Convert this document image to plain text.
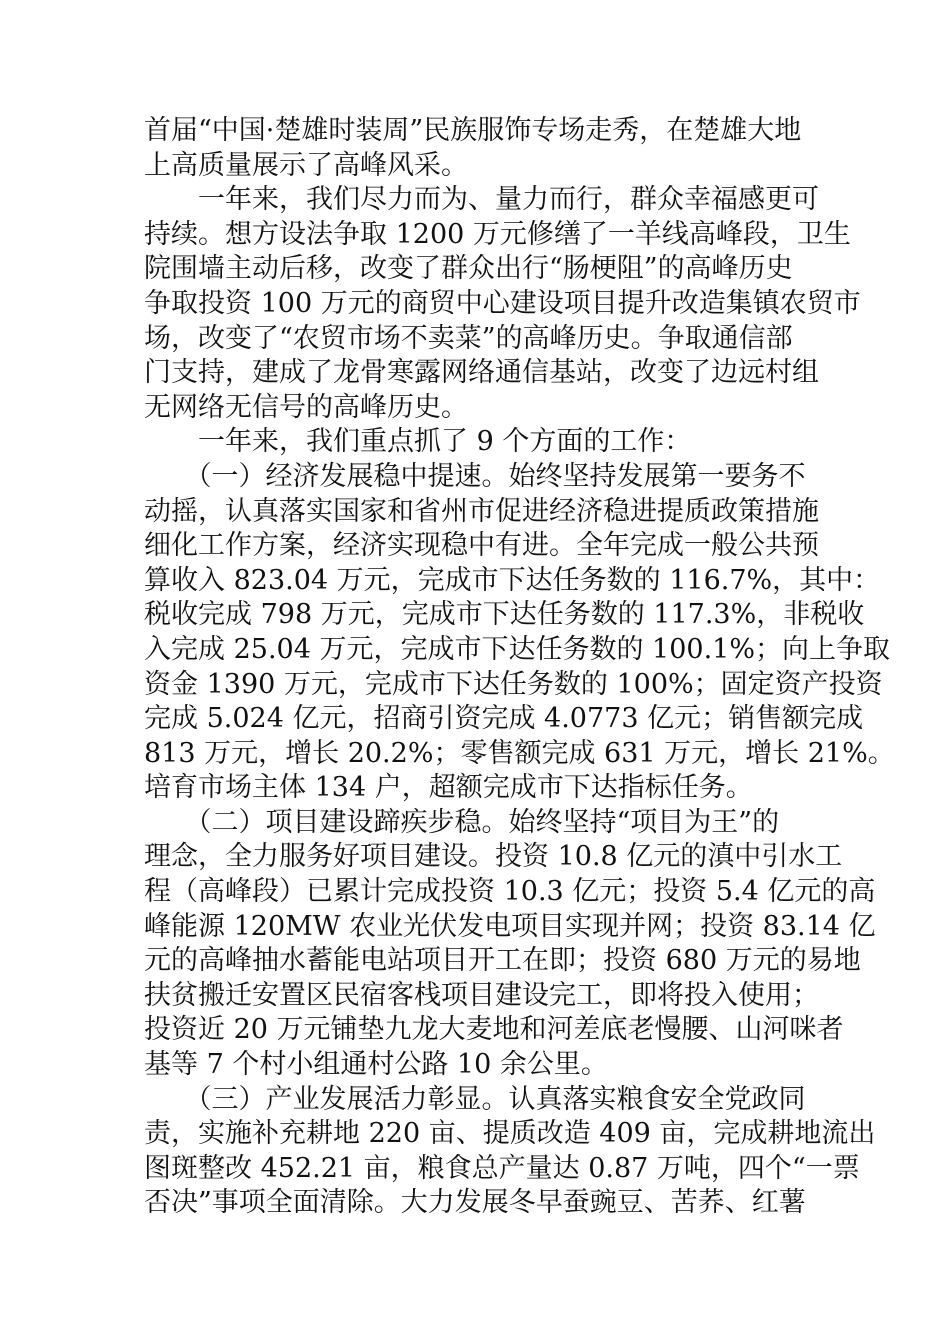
首届“中国·楚雄时装周”民族服饰专场走秀，在楚雄大地
上高质量展示了高峰风采。
　　一年来，我们尽力而为、量力而行，群众幸福感更可
持续。想方设法争取 1200 万元修缮了一羊线高峰段，卫生
院围墙主动后移，改变了群众出行“肠梗阻”的高峰历史
争取投资 100 万元的商贸中心建设项目提升改造集镇农贸市
场，改变了“农贸市场不卖菜”的高峰历史。争取通信部
门支持，建成了龙骨寒露网络通信基站，改变了边远村组
无网络无信号的高峰历史。
　　一年来，我们重点抓了 9 个方面的工作：
　　（一）经济发展稳中提速。始终坚持发展第一要务不
动摇，认真落实国家和省州市促进经济稳进提质政策措施
细化工作方案，经济实现稳中有进。全年完成一般公共预
算收入 823.04 万元，完成市下达任务数的 116.7%，其中：
税收完成 798 万元，完成市下达任务数的 117.3%，非税收
入完成 25.04 万元，完成市下达任务数的 100.1%；向上争取
资金 1390 万元，完成市下达任务数的 100%；固定资产投资
完成 5.024 亿元，招商引资完成 4.0773 亿元；销售额完成
813 万元，增长 20.2%；零售额完成 631 万元，增长 21%。
培育市场主体 134 户，超额完成市下达指标任务。
　　（二）项目建设蹄疾步稳。始终坚持“项目为王”的
理念，全力服务好项目建设。投资 10.8 亿元的滇中引水工
程（高峰段）已累计完成投资 10.3 亿元；投资 5.4 亿元的高
峰能源 120MW 农业光伏发电项目实现并网；投资 83.14 亿
元的高峰抽水蓄能电站项目开工在即；投资 680 万元的易地
扶贫搬迁安置区民宿客栈项目建设完工，即将投入使用；
投资近 20 万元铺垫九龙大麦地和河差底老慢腰、山河咪者
基等 7 个村小组通村公路 10 余公里。
　　（三）产业发展活力彰显。认真落实粮食安全党政同
责，实施补充耕地 220 亩、提质改造 409 亩，完成耕地流出
图斑整改 452.21 亩，粮食总产量达 0.87 万吨，四个“一票
否决”事项全面清除。大力发展冬早蚕豌豆、苦荞、红薯
